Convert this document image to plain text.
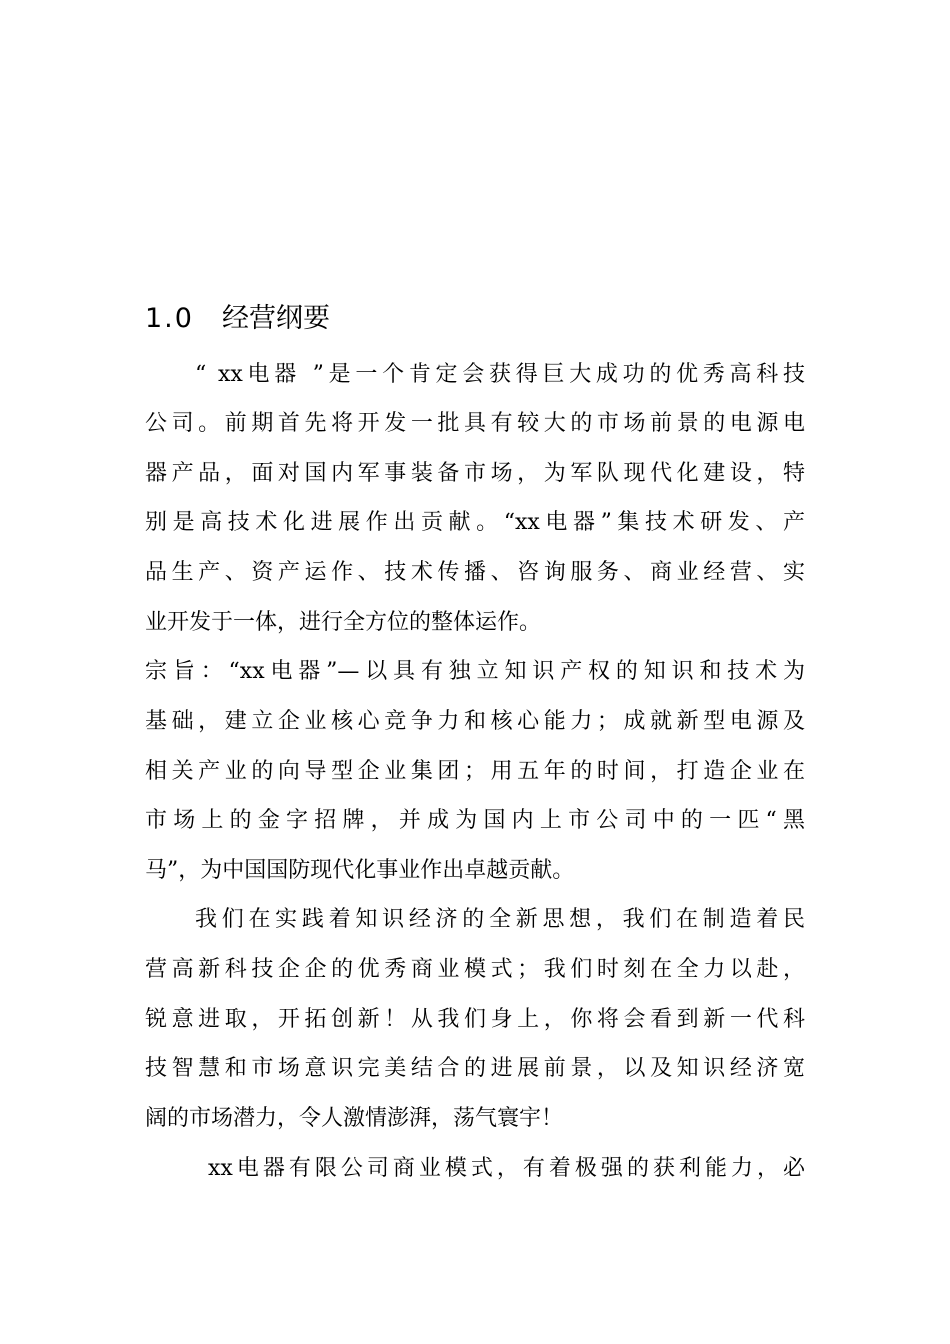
1.0 经营纲要
“ xx电器 ”是一个肯定会获得巨大成功的优秀高科技
公司。前期首先将开发一批具有较大的市场前景的电源电
器产品，面对国内军事装备市场，为军队现代化建设，特
别是高技术化进展作出贡献。“xx电器”集技术研发、产
品生产、资产运作、技术传播、咨询服务、商业经营、实
业开发于一体，进行全方位的整体运作。
宗旨：“xx电器”—以具有独立知识产权的知识和技术为
基础，建立企业核心竞争力和核心能力；成就新型电源及
相关产业的向导型企业集团；用五年的时间，打造企业在
市场上的金字招牌，并成为国内上市公司中的一匹“黑
马”，为中国国防现代化事业作出卓越贡献。
我们在实践着知识经济的全新思想，我们在制造着民
营高新科技企企的优秀商业模式；我们时刻在全力以赴，
锐意进取，开拓创新！从我们身上，你将会看到新一代科
技智慧和市场意识完美结合的进展前景，以及知识经济宽
阔的市场潜力，令人激情澎湃，荡气寰宇！
xx电器有限公司商业模式，有着极强的获利能力，必
